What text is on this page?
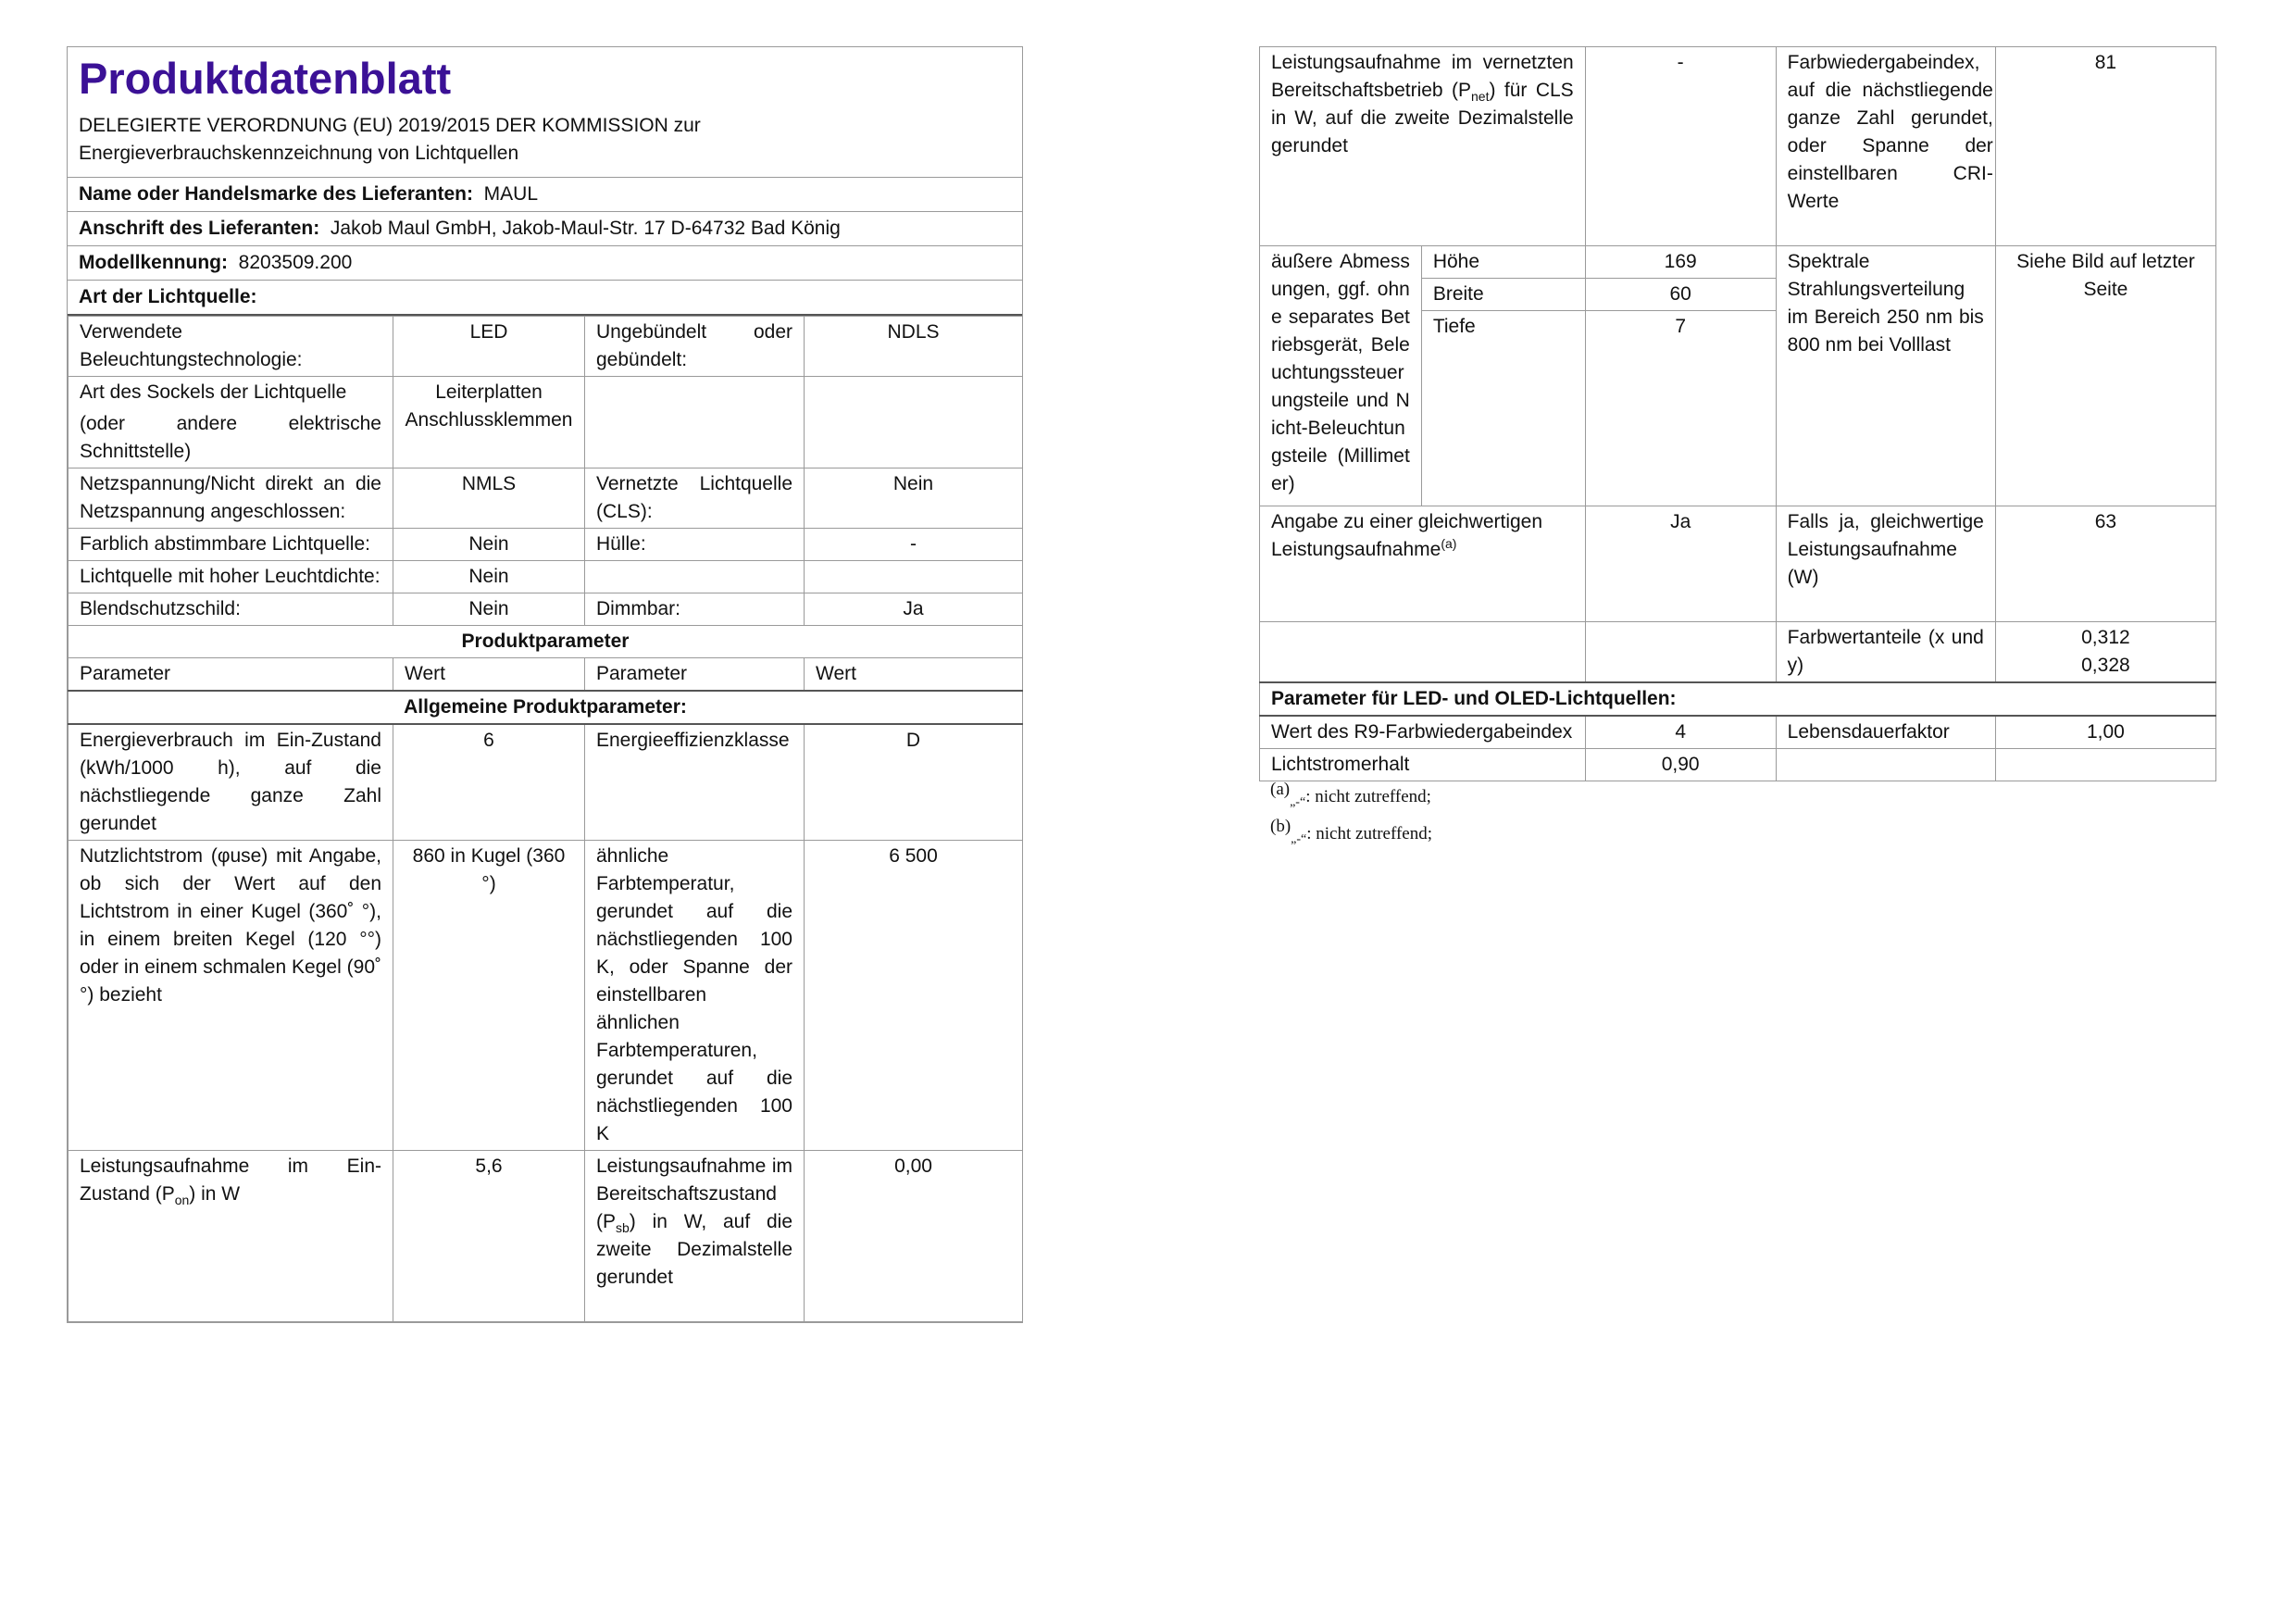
Produktdatenblatt
DELEGIERTE VERORDNUNG (EU) 2019/2015 DER KOMMISSION zur
Energieverbrauchskennzeichnung von Lichtquellen
Name oder Handelsmarke des Lieferanten: MAUL
Anschrift des Lieferanten: Jakob Maul GmbH, Jakob-Maul-Str. 17 D-64732 Bad König
Modellkennung: 8203509.200
Art der Lichtquelle:
Verwendete Beleuchtungstechnologie:	LED	Ungebündelt oder gebündelt:	NDLS

Art des Sockels der Lichtquelle
(oder andere elektrische Schnittstelle)	Leiterplatten Anschlussklemmen		
Netzspannung/Nicht direkt an die Netzspannung angeschlossen:	NMLS	Vernetzte Lichtquelle (CLS):	Nein
Farblich abstimmbare Lichtquelle:	Nein	Hülle:	-
Lichtquelle mit hoher Leuchtdichte:	Nein		
Blendschutzschild:	Nein	Dimmbar:	Ja
Produktparameter			
Parameter	Wert	Parameter	Wert
Allgemeine Produktparameter:			
Energieverbrauch im Ein-Zustand (kWh/1000 h), auf die nächstliegende ganze Zahl gerundet	6	Energieeffizienzklasse	D
Nutzlichtstrom (φuse) mit Angabe, ob sich der Wert auf den Lichtstrom in einer Kugel (360˚ °), in einem breiten Kegel (120 °°) oder in einem schmalen Kegel (90˚ °) bezieht	860 in Kugel (360 °)	ähnliche Farbtemperatur, gerundet auf die nächstliegenden 100 K, oder Spanne der einstellbaren ähnlichen Farbtemperaturen, gerundet auf die nächstliegenden 100 K	6 500
Leistungsaufnahme im Ein-Zustand $(P_{on})$ in W	5,6	Leistungsaufnahme im Bereitschaftszustand $(P_{sb})$ in W, auf die zweite Dezimalstelle gerundet	0,00
Leistungsaufnahme im vernetzten Bereitschaftsbetrieb $(P_{net})$ für CLS in W, auf die zweite Dezimalstelle gerundet		-	Farbwiedergabeindex, auf die nächstliegende ganze Zahl gerundet, oder Spanne der einstellbaren CRI-Werte	81
äußere Abmessungen, ggf. ohne separates Betriebsgerät, Beleuchtungssteuerungsteile und Nicht-Beleuchtungsteile (Millimeter)	Höhe	169	Spektrale Strahlungsverteilung im Bereich 250 nm bis 800 nm bei Volllast	Siehe Bild auf letzter Seite
	Breite	60		
	Tiefe	7		
Angabe zu einer gleichwertigen Leistungsaufnahme$^{(a)}$		Ja	Falls ja, gleichwertige Leistungsaufnahme (W)	63
			Farbwertanteile (x und y)	0,312
0,328

Parameter für LED- und OLED-Lichtquellen:				
Wert des R9-Farbwiedergabeindex		4	Lebensdauerfaktor	1,00
Lichtstromerhalt		0,90		
$^{(a)}_{„-“}$: nicht zutreffend;
$^{(b)}_{„-“}$: nicht zutreffend;
